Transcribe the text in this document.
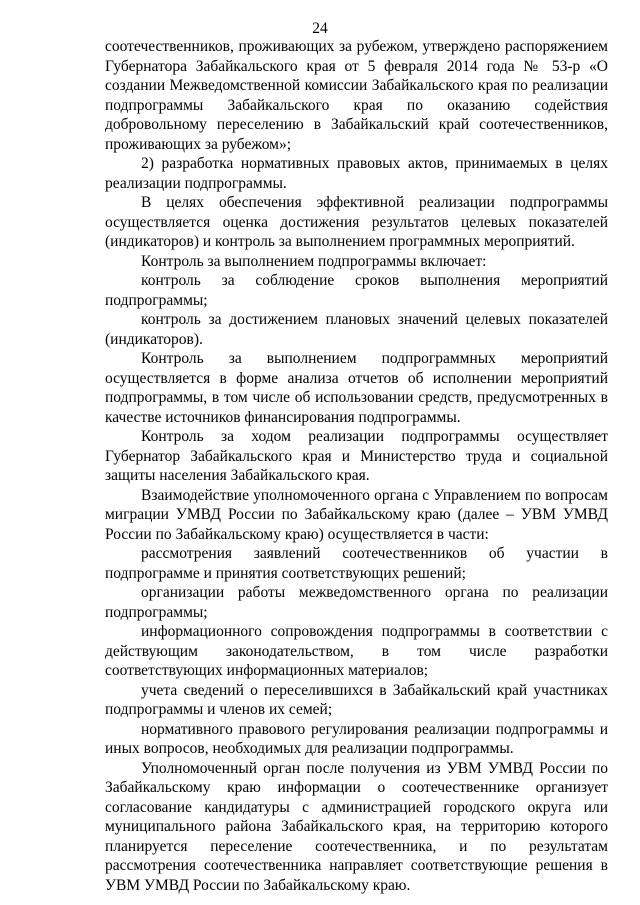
24

соотечественников, проживающих за рубежом, утверждено распоряжением Губернатора Забайкальского края от 5 февраля 2014 года № 53-р «О создании Межведомственной комиссии Забайкальского края по реализации подпрограммы Забайкальского края по оказанию содействия добровольному переселению в Забайкальский край соотечественников, проживающих за рубежом»;

2) разработка нормативных правовых актов, принимаемых в целях реализации подпрограммы.

В целях обеспечения эффективной реализации подпрограммы осуществляется оценка достижения результатов целевых показателей (индикаторов) и контроль за выполнением программных мероприятий.

Контроль за выполнением подпрограммы включает:

контроль за соблюдение сроков выполнения мероприятий подпрограммы;

контроль за достижением плановых значений целевых показателей (индикаторов).

Контроль за выполнением подпрограммных мероприятий осуществляется в форме анализа отчетов об исполнении мероприятий подпрограммы, в том числе об использовании средств, предусмотренных в качестве источников финансирования подпрограммы.

Контроль за ходом реализации подпрограммы осуществляет Губернатор Забайкальского края и Министерство труда и социальной защиты населения Забайкальского края.

Взаимодействие уполномоченного органа с Управлением по вопросам миграции УМВД России по Забайкальскому краю (далее – УВМ УМВД России по Забайкальскому краю) осуществляется в части:

рассмотрения заявлений соотечественников об участии в подпрограмме и принятия соответствующих решений;

организации работы межведомственного органа по реализации подпрограммы;

информационного сопровождения подпрограммы в соответствии с действующим законодательством, в том числе разработки соответствующих информационных материалов;

учета сведений о переселившихся в Забайкальский край участниках подпрограммы и членов их семей;

нормативного правового регулирования реализации подпрограммы и иных вопросов, необходимых для реализации подпрограммы.

Уполномоченный орган после получения из УВМ УМВД России по Забайкальскому краю информации о соотечественнике организует согласование кандидатуры с администрацией городского округа или муниципального района Забайкальского края, на территорию которого планируется переселение соотечественника, и по результатам рассмотрения соотечественника направляет соответствующие решения в УВМ УМВД России по Забайкальскому краю.
